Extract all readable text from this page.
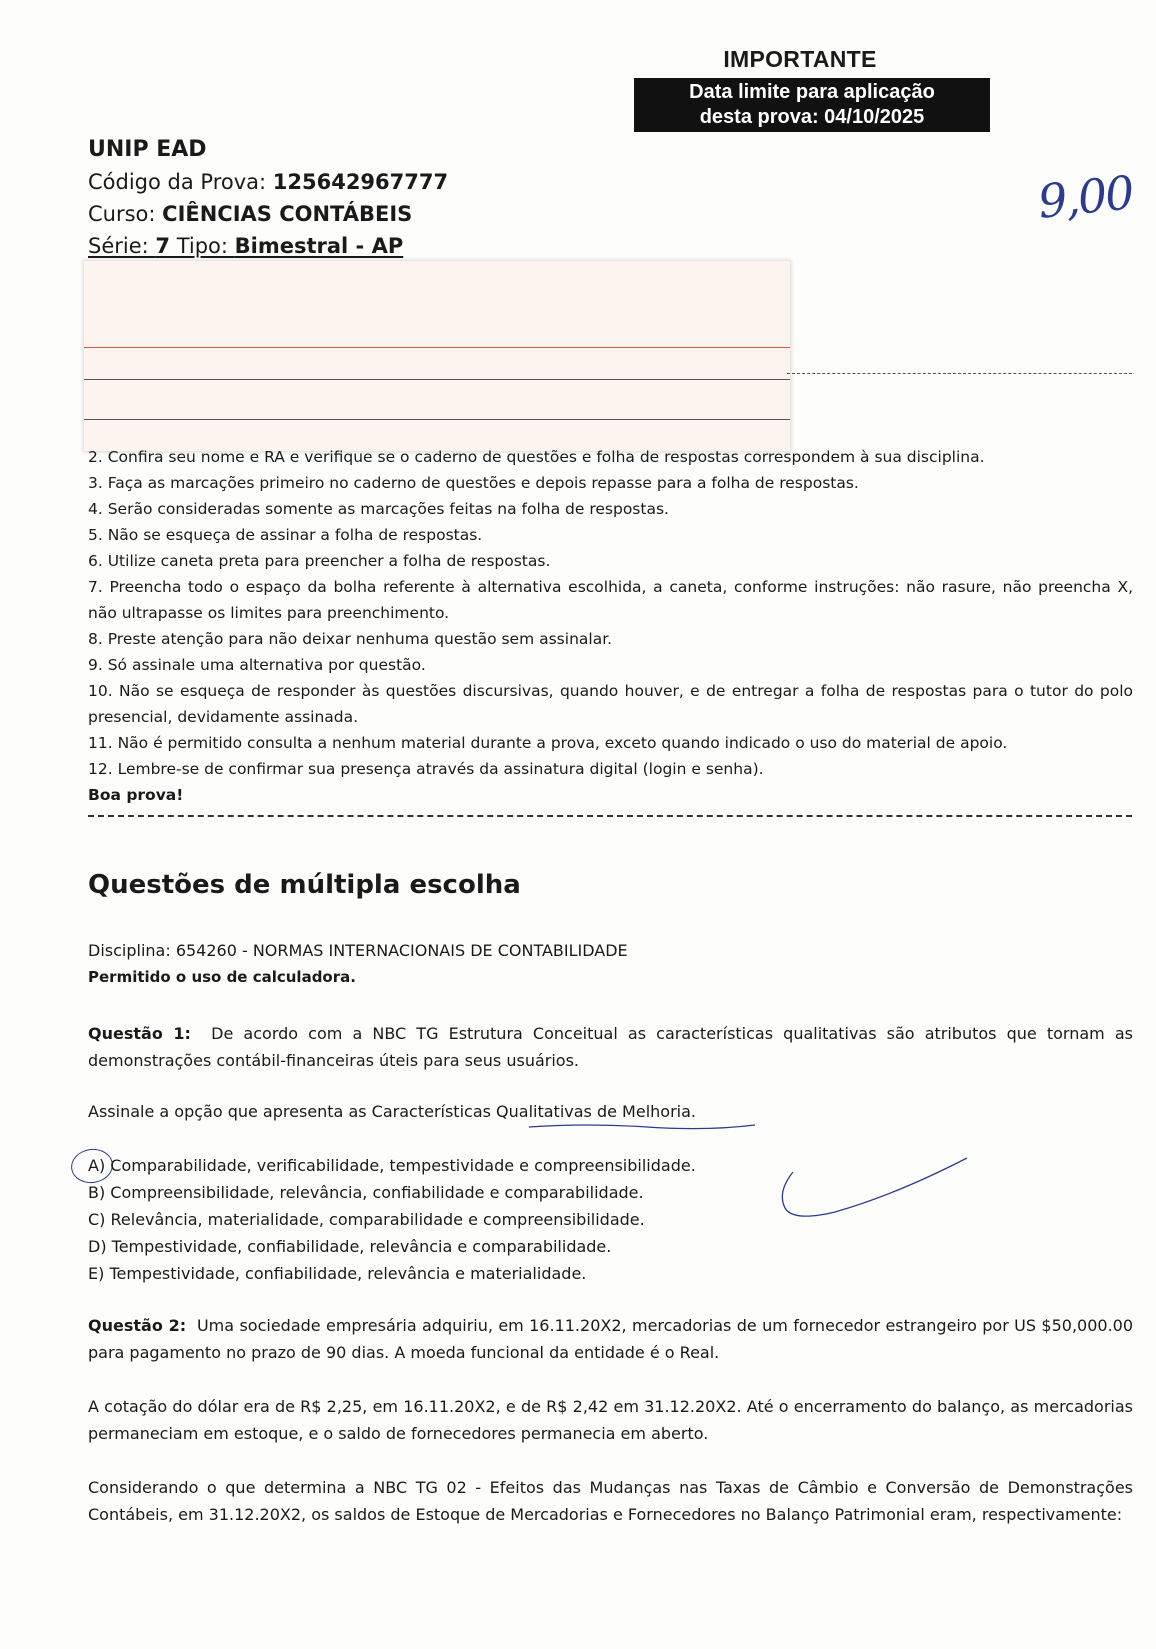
IMPORTANTE
Data limite para aplicação
desta prova: 04/10/2025
UNIP EAD
Código da Prova: 125642967777
Curso: CIÊNCIAS CONTÁBEIS
Série: 7 Tipo: Bimestral - AP
9,00

2. Confira seu nome e RA e verifique se o caderno de questões e folha de respostas correspondem à sua disciplina.

3. Faça as marcações primeiro no caderno de questões e depois repasse para a folha de respostas.

4. Serão consideradas somente as marcações feitas na folha de respostas.

5. Não se esqueça de assinar a folha de respostas.

6. Utilize caneta preta para preencher a folha de respostas.

7. Preencha todo o espaço da bolha referente à alternativa escolhida, a caneta, conforme instruções: não rasure, não preencha X, não ultrapasse os limites para preenchimento.

8. Preste atenção para não deixar nenhuma questão sem assinalar.

9. Só assinale uma alternativa por questão.

10. Não se esqueça de responder às questões discursivas, quando houver, e de entregar a folha de respostas para o tutor do polo presencial, devidamente assinada.

11. Não é permitido consulta a nenhum material durante a prova, exceto quando indicado o uso do material de apoio.

12. Lembre-se de confirmar sua presença através da assinatura digital (login e senha).

Boa prova!

Questões de múltipla escolha
Disciplina: 654260 - NORMAS INTERNACIONAIS DE CONTABILIDADE
Permitido o uso de calculadora.
Questão 1: De acordo com a NBC TG Estrutura Conceitual as características qualitativas são atributos que tornam as demonstrações contábil-financeiras úteis para seus usuários.
Assinale a opção que apresenta as Características Qualitativas de Melhoria.
A) Comparabilidade, verificabilidade, tempestividade e compreensibilidade.
B) Compreensibilidade, relevância, confiabilidade e comparabilidade.
C) Relevância, materialidade, comparabilidade e compreensibilidade.
D) Tempestividade, confiabilidade, relevância e comparabilidade.
E) Tempestividade, confiabilidade, relevância e materialidade.
Questão 2: Uma sociedade empresária adquiriu, em 16.11.20X2, mercadorias de um fornecedor estrangeiro por US $50,000.00 para pagamento no prazo de 90 dias. A moeda funcional da entidade é o Real.
A cotação do dólar era de R$ 2,25, em 16.11.20X2, e de R$ 2,42 em 31.12.20X2. Até o encerramento do balanço, as mercadorias permaneciam em estoque, e o saldo de fornecedores permanecia em aberto.
Considerando o que determina a NBC TG 02 - Efeitos das Mudanças nas Taxas de Câmbio e Conversão de Demonstrações Contábeis, em 31.12.20X2, os saldos de Estoque de Mercadorias e Fornecedores no Balanço Patrimonial eram, respectivamente:
